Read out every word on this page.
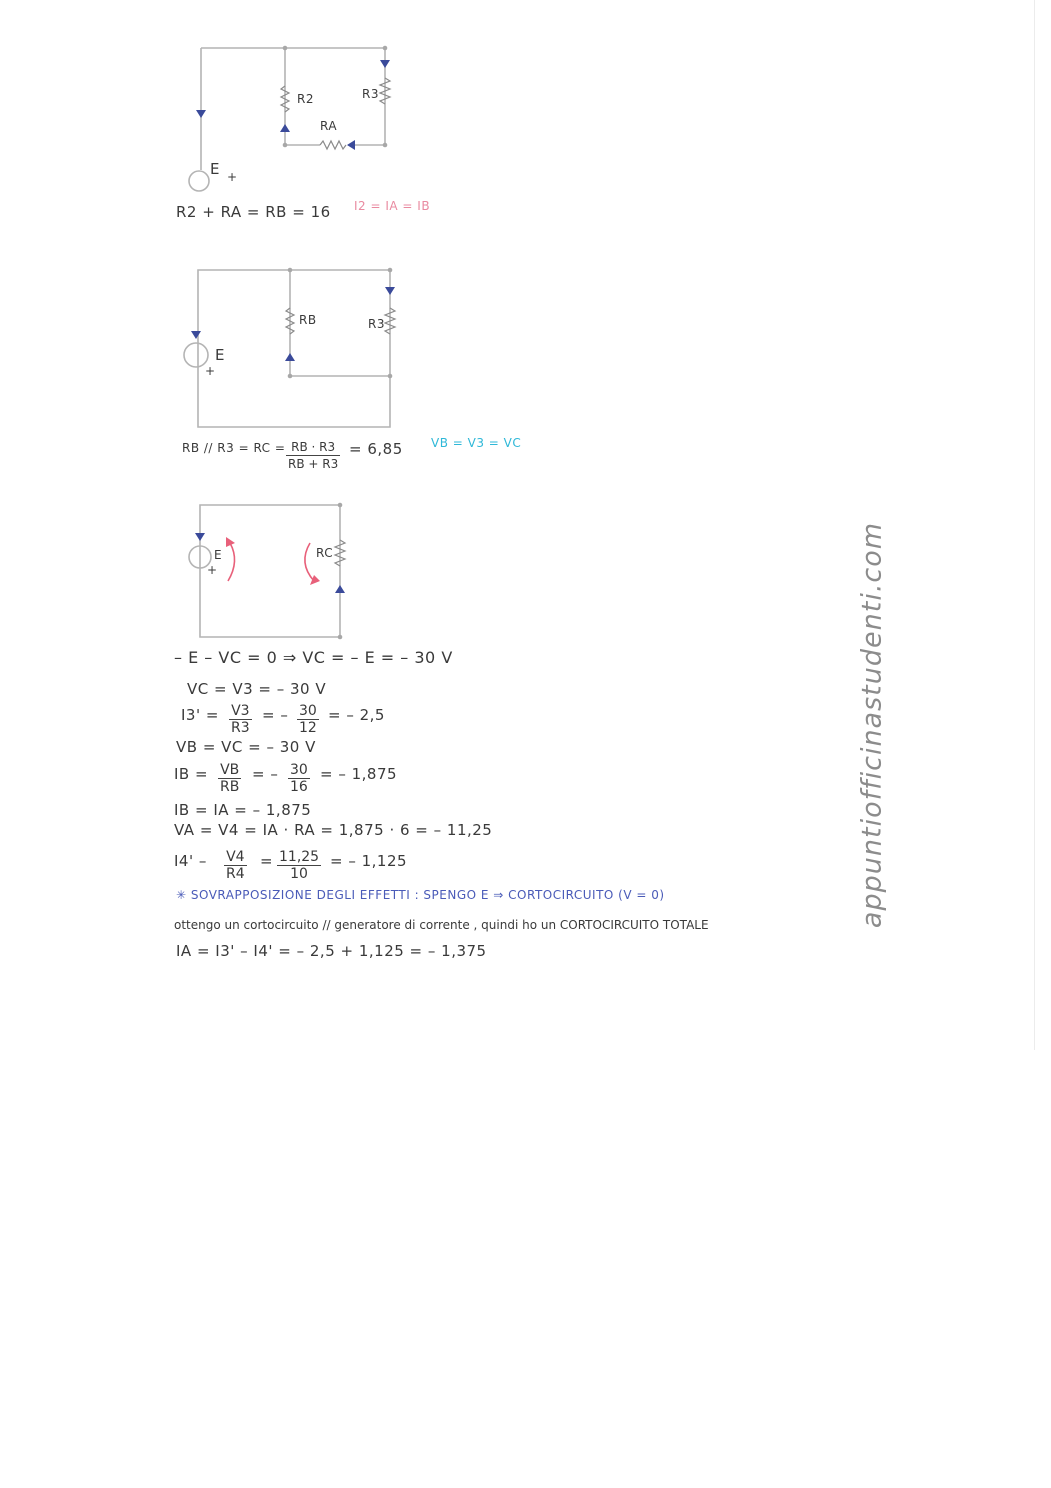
R2	R3
RA
E +
R2 + RA = RB = 16 I2 = IA = IB
RB	R3
E
+
RB // R3 = RC = $\frac{RB \cdot R3}{RB + R3} = 6,85$ VB = V3 = VC
E
+
RC
– E – VC = 0 ⇒ VC = – E = – 30 V
VC = V3 = – 30 V
$I3' = \frac{V3}{R3}$ = – $\frac{30}{12}$ = – 2,5
VB = VC = – 30 V
IB = $\frac{VB}{RB}$ = – $\frac{30}{16}$ = – 1,875
IB = IA = – 1,875
VA = V4 = IA · RA = 1,875 · 6 = – 11,25
$I4' - \frac{V4}{R4} = \frac{11,25}{10}$ = – 1,125
✳ SOVRAPPOSIZIONE DEGLI EFFETTI : SPENGO E ⇒ CORTOCIRCUITO (V = 0)
ottengo un cortocircuito // generatore di corrente , quindi ho un CORTOCIRCUITO TOTALE
IA = I3' – I4' = – 2,5 + 1,125 = – 1,375
appuntiofficinastudenti.com
